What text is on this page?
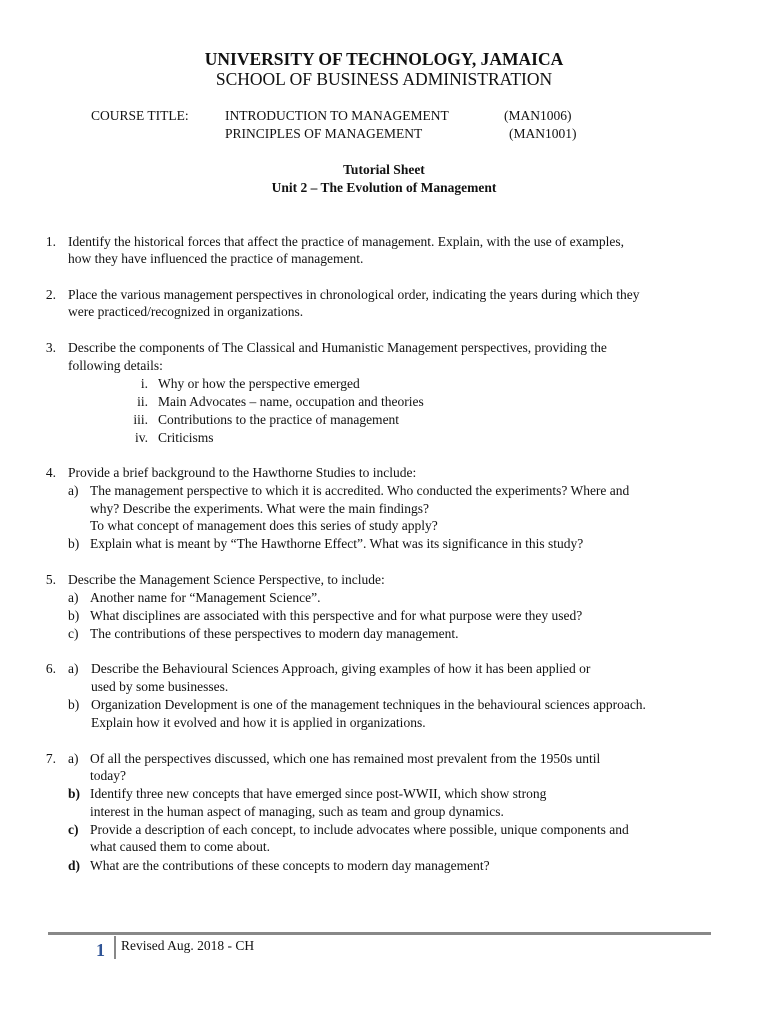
UNIVERSITY OF TECHNOLOGY, JAMAICA
SCHOOL OF BUSINESS ADMINISTRATION
COURSE TITLE:	INTRODUCTION TO MANAGEMENT	(MAN1006)
PRINCIPLES OF MANAGEMENT	(MAN1001)
Tutorial Sheet
Unit 2 – The Evolution of Management
1. Identify the historical forces that affect the practice of management. Explain, with the use of examples,
how they have influenced the practice of management.
2. Place the various management perspectives in chronological order, indicating the years during which they
were practiced/recognized in organizations.
3. Describe the components of The Classical and Humanistic Management perspectives, providing the
following details:
i. Why or how the perspective emerged
ii. Main Advocates – name, occupation and theories
iii. Contributions to the practice of management
iv. Criticisms
4. Provide a brief background to the Hawthorne Studies to include:
a) The management perspective to which it is accredited. Who conducted the experiments? Where and
why? Describe the experiments. What were the main findings?
To what concept of management does this series of study apply?
b) Explain what is meant by “The Hawthorne Effect”. What was its significance in this study?
5. Describe the Management Science Perspective, to include:
a) Another name for “Management Science”.
b) What disciplines are associated with this perspective and for what purpose were they used?
c) The contributions of these perspectives to modern day management.
6. a) Describe the Behavioural Sciences Approach, giving examples of how it has been applied or
used by some businesses.
b) Organization Development is one of the management techniques in the behavioural sciences approach.
Explain how it evolved and how it is applied in organizations.
7. a) Of all the perspectives discussed, which one has remained most prevalent from the 1950s until
today?
b) Identify three new concepts that have emerged since post-WWII, which show strong
interest in the human aspect of managing, such as team and group dynamics.
c) Provide a description of each concept, to include advocates where possible, unique components and
what caused them to come about.
d) What are the contributions of these concepts to modern day management?
1 Revised Aug. 2018 - CH
